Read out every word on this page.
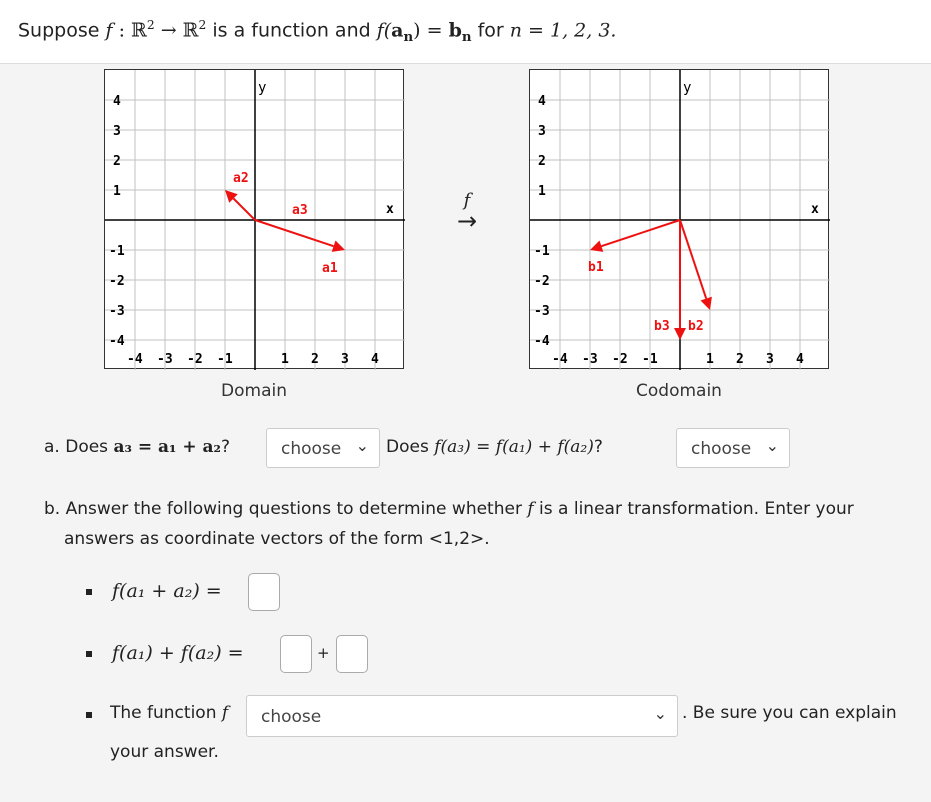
Suppose f : ℝ$^2$ → ℝ$^2$ is a function and $f(a_n) = b_n$ for n = 1, 2, 3.
4
3
2
1
-1
-2
-3
-4
-4 -3 -2 -1	1 2 3 4
y
x
a2
a1
a3
Domain
f
→
4
3
2
1
-1
-2
-3
-4
-4 -3 -2 -1	1 2 3 4
y
x
b1
b2
b3
Codomain
a. Does a₃ = a₁ + a₂?	choose ⌄ Does f(a₃) = f(a₁) + f(a₂)?	choose ⌄
b. Answer the following questions to determine whether f is a linear transformation. Enter your
answers as coordinate vectors of the form <1,2>.
f(a₁ + a₂) =
f(a₁) + f(a₂) =	+
The function f choose	⌄ . Be sure you can explain
your answer.
